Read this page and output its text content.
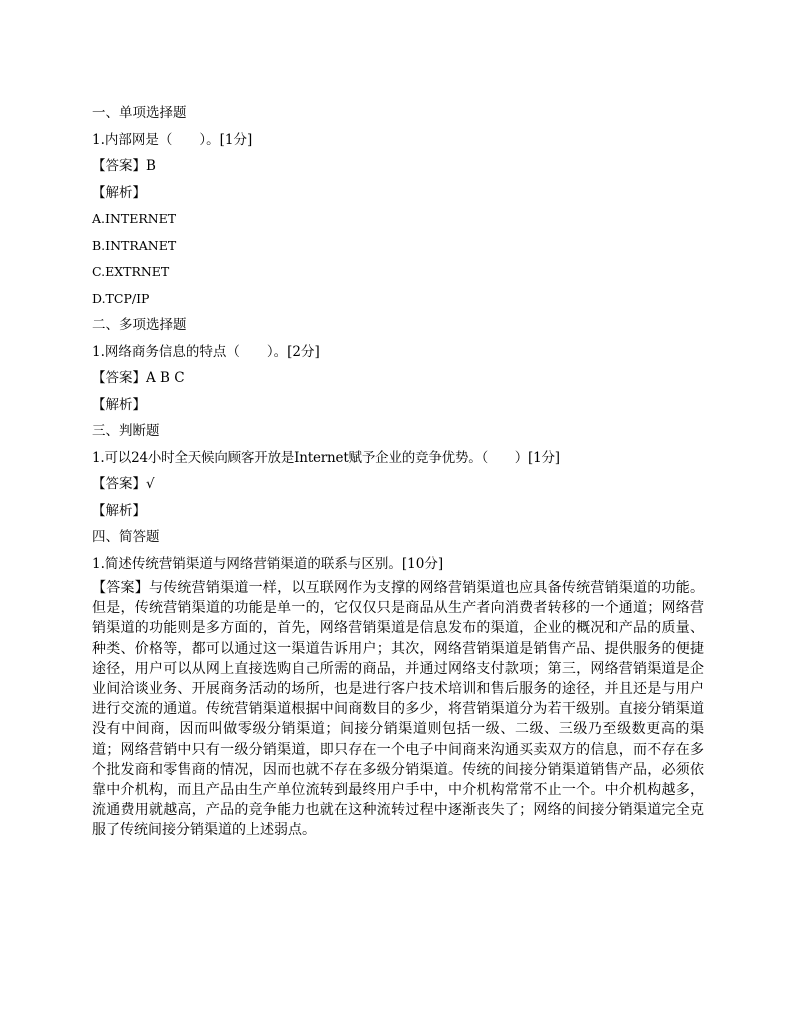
一、单项选择题
1.内部网是（　　）。[1分]
【答案】B
【解析】
A.INTERNET
B.INTRANET
C.EXTRNET
D.TCP/IP
二、多项选择题
1.网络商务信息的特点（　　）。[2分]
【答案】A B C
【解析】
三、判断题
1.可以24小时全天候向顾客开放是Internet赋予企业的竞争优势。（　　）[1分]
【答案】√
【解析】
四、简答题
1.简述传统营销渠道与网络营销渠道的联系与区别。[10分]
【答案】与传统营销渠道一样，以互联网作为支撑的网络营销渠道也应具备传统营销渠道的功能。但是，传统营销渠道的功能是单一的，它仅仅只是商品从生产者向消费者转移的一个通道；网络营销渠道的功能则是多方面的，首先，网络营销渠道是信息发布的渠道，企业的概况和产品的质量、种类、价格等，都可以通过这一渠道告诉用户；其次，网络营销渠道是销售产品、提供服务的便捷途径，用户可以从网上直接选购自己所需的商品，并通过网络支付款项；第三，网络营销渠道是企业间洽谈业务、开展商务活动的场所，也是进行客户技术培训和售后服务的途径，并且还是与用户进行交流的通道。传统营销渠道根据中间商数目的多少，将营销渠道分为若干级别。直接分销渠道没有中间商，因而叫做零级分销渠道；间接分销渠道则包括一级、二级、三级乃至级数更高的渠道；网络营销中只有一级分销渠道，即只存在一个电子中间商来沟通买卖双方的信息，而不存在多个批发商和零售商的情况，因而也就不存在多级分销渠道。传统的间接分销渠道销售产品，必须依靠中介机构，而且产品由生产单位流转到最终用户手中，中介机构常常不止一个。中介机构越多，流通费用就越高，产品的竞争能力也就在这种流转过程中逐渐丧失了；网络的间接分销渠道完全克服了传统间接分销渠道的上述弱点。
